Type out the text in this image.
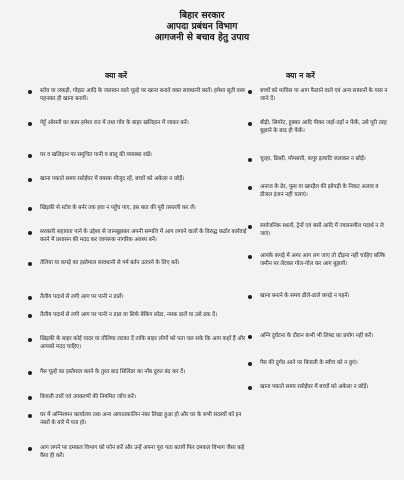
बिहार सरकार
आपदा प्रबंधन विभाग
आगजनी से बचाव हेतु उपाय
क्या करें	क्या न करें
स्टोव या लकड़ी, गोइठा आदि के जलावन वाले चूल्हे पर खाना बनाते वक्त सावधानी बरतें। हमेशा सूती वस्त्र पहनकर ही खाना बनायें।
गेहूँ ओसनी का काम हमेशा रात में तथा गाँव के बाहर खलिहान में जाकर करें।
घर व खलिहान पर समुचित पानी व बालू की व्यवस्था रखें।
खाना पकाते समय रसोईघर में वयस्क मौजूद रहें, बच्चों को अकेला न छोड़ें।
खिड़की से स्टोव के बर्नर तक हवा न पहुँच पाए, इस बात की पूरी तसल्ली कर लें।
सरकारी सहायता पाने के उद्देश्य से जानबूझकर अपनी सम्पत्ति में आग लगाने वालों के विरुद्ध कठोर कार्रवाई करने में प्रशासन की मदद कर जागरूक नागरिक अवश्य बनें।
तेलिया या कपड़े का इस्तेमाल सावधानी से गर्म बर्तन उतारने के लिए करें।
तैलीय पदार्थ से लगी आग पर पानी न डालें।
तैलीय पदार्थ से लगी आग पर पानी न डाल या सिर्फ बेकिंग सोडा, नमक डालें या उसे ढक दें।
खिड़की के बाहर कोई चादर या तौलिया लटका दें ताकि बाहर लोगों को पता चल सके कि आप कहाँ हैं और आपको मदद चाहिए।
गैस चूल्हे का इस्तेमाल करने के तुरत बाद सिलिंडर का नॉब दुरुत बंद कर दें।
बिजली तारों एवं उपकरणों की नियमित जाँच करें।
घर में अग्निशमन कार्यालय तथा अन्य आपातकालिन नंबर लिखा हुआ हो और घर के सभी सदस्यों को इन नंबरों के बारे में पता हो।
आग लगने पर दमकल विभाग को फोन करें और उन्हें अपना पूरा पता बतायें फिर दमकल विभाग जैसा कहे वैसा ही करें।
बच्चों को माचिस या आग फैलाने वाले एवं अन्य सामानों के पास न जाने दें।
बीड़ी, सिगरेट, हुक्का आदि पीकर जहाँ-तहाँ न फेंकें, उसे पूरी तरह बुझाने के बाद ही फेंकें।
चूल्हा, ढिबरी, मोमबत्ती, कपूर इत्यादि जलाकर न छोड़ें।
अनाज के ढेर, फूस या खपड़ैल की झोपड़ी के निकट अलाव व डीजल इंजन नहीं चलाएं।
सार्वजनिक स्थलों, ट्रेनों एवं बसों आदि में ज्वलनशील पदार्थ न ले जाएं।
आपके कपड़े में अगर आग लग जाए तो दौड़ना नहीं चाहिए बल्कि जमीन पर लेटकर गोल-गोल कर आग बुझायें।
खाना बनाने के समय ढीले-ढाले कपड़े न पहनें।
अग्नि दुर्घटना के दौरान कभी भी लिफ्ट का प्रयोग नहीं करें।
गैस की दुर्गंध आने पर बिजली के स्वीच को न छुएं।
खाना पकाते समय रसोईघर में बच्चों को अकेला न छोड़ें।
